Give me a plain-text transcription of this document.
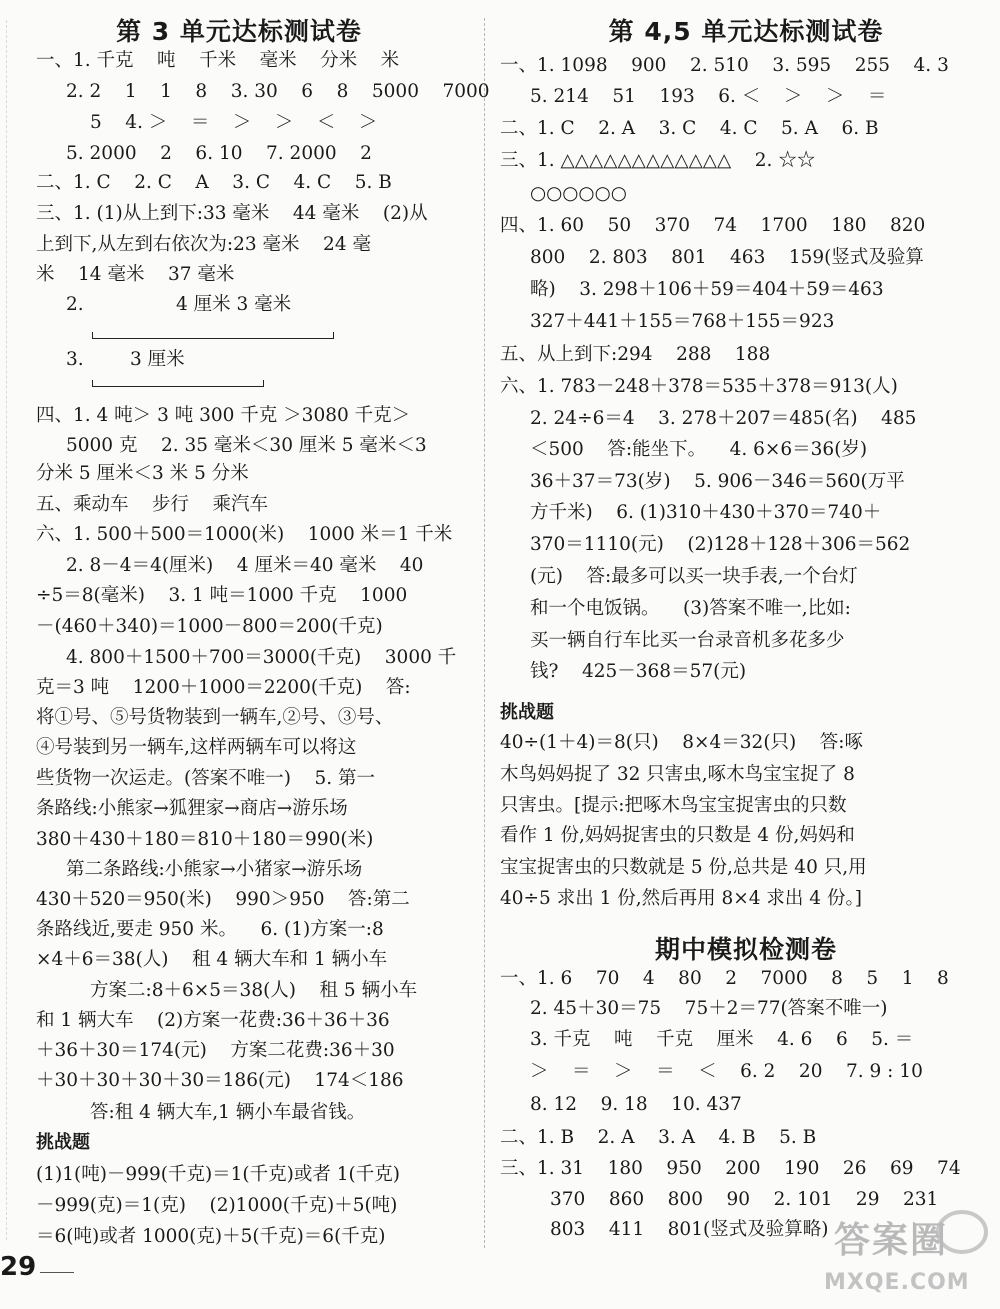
第 3 单元达标测试卷
一、1. 千克    吨    千米    毫米    分米    米
2. 2    1    1    8    3. 30    6    8    5000    7000
5    4. ＞    ＝    ＞    ＞    ＜    ＞
5. 2000    2    6. 10    7. 2000    2
二、1. C    2. C    A    3. C    4. C    5. B
三、1. (1)从上到下:33 毫米    44 毫米    (2)从
上到下,从左到右依次为:23 毫米    24 毫
米    14 毫米    37 毫米
2.	4 厘米 3 毫米
3.	3 厘米
四、1. 4 吨＞ 3 吨 300 千克 ＞3080 千克＞
5000 克    2. 35 毫米＜30 厘米 5 毫米＜3
分米 5 厘米＜3 米 5 分米
五、乘动车    步行    乘汽车
六、1. 500＋500＝1000(米)    1000 米＝1 千米
2. 8－4＝4(厘米)    4 厘米＝40 毫米    40
÷5＝8(毫米)    3. 1 吨＝1000 千克    1000
－(460＋340)＝1000－800＝200(千克)
4. 800＋1500＋700＝3000(千克)    3000 千
克＝3 吨    1200＋1000＝2200(千克)    答:
将①号、⑤号货物装到一辆车,②号、③号、
④号装到另一辆车,这样两辆车可以将这
些货物一次运走。(答案不唯一)    5. 第一
条路线:小熊家→狐狸家→商店→游乐场
380＋430＋180＝810＋180＝990(米)
第二条路线:小熊家→小猪家→游乐场
430＋520＝950(米)    990＞950    答:第二
条路线近,要走 950 米。    6. (1)方案一:8
×4＋6＝38(人)    租 4 辆大车和 1 辆小车
方案二:8＋6×5＝38(人)    租 5 辆小车
和 1 辆大车    (2)方案一花费:36＋36＋36
＋36＋30＝174(元)    方案二花费:36＋30
＋30＋30＋30＋30＝186(元)    174＜186
答:租 4 辆大车,1 辆小车最省钱。
挑战题
(1)1(吨)－999(千克)＝1(千克)或者 1(千克)
－999(克)＝1(克)    (2)1000(千克)＋5(吨)
＝6(吨)或者 1000(克)＋5(千克)＝6(千克)
第 4,5 单元达标测试卷
期中模拟检测卷
一、1. 1098    900    2. 510    3. 595    255    4. 3
5. 214    51    193    6. ＜    ＞    ＞    ＝
二、1. C    2. A    3. C    4. C    5. A    6. B
三、1. △△△△△△△△△△△△    2. ☆☆
○○○○○○
四、1. 60    50    370    74    1700    180    820
800    2. 803    801    463    159(竖式及验算
略)    3. 298＋106＋59＝404＋59＝463
327＋441＋155＝768＋155＝923
五、从上到下:294    288    188
六、1. 783－248＋378＝535＋378＝913(人)
2. 24÷6＝4    3. 278＋207＝485(名)    485
＜500    答:能坐下。    4. 6×6＝36(岁)
36＋37＝73(岁)    5. 906－346＝560(万平
方千米)    6. (1)310＋430＋370＝740＋
370＝1110(元)    (2)128＋128＋306＝562
(元)    答:最多可以买一块手表,一个台灯
和一个电饭锅。    (3)答案不唯一,比如:
买一辆自行车比买一台录音机多花多少
钱?    425－368＝57(元)
挑战题
40÷(1＋4)＝8(只)    8×4＝32(只)    答:啄
木鸟妈妈捉了 32 只害虫,啄木鸟宝宝捉了 8
只害虫。[提示:把啄木鸟宝宝捉害虫的只数
看作 1 份,妈妈捉害虫的只数是 4 份,妈妈和
宝宝捉害虫的只数就是 5 份,总共是 40 只,用
40÷5 求出 1 份,然后再用 8×4 求出 4 份。]
一、1. 6    70    4    80    2    7000    8    5    1    8
2. 45＋30＝75    75＋2＝77(答案不唯一)
3. 千克    吨    千克    厘米    4. 6    6    5. ＝
＞    ＝    ＞    ＝    ＜    6. 2    20    7. 9 : 10
8. 12    9. 18    10. 437
二、1. B    2. A    3. A    4. B    5. B
三、1. 31    180    950    200    190    26    69    74
370    860    800    90    2. 101    29    231
803    411    801(竖式及验算略)
29
答案圈
MXQE.COM
